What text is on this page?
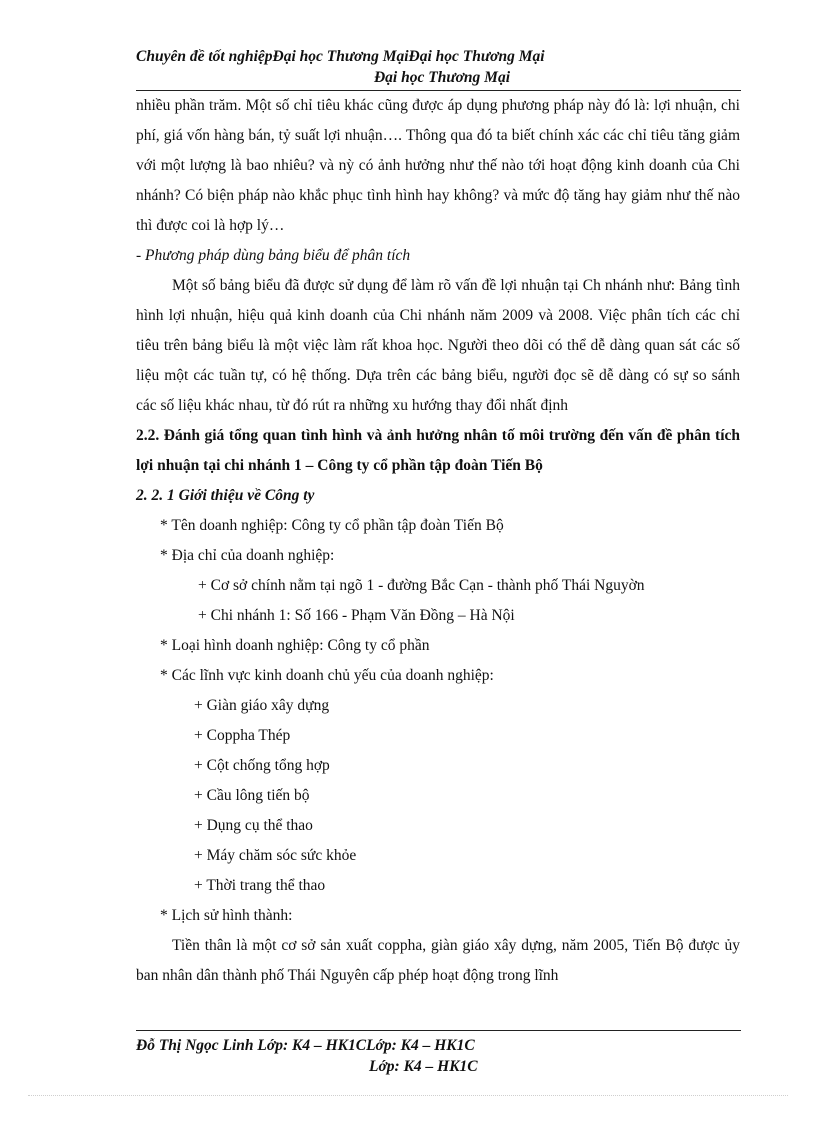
Chuyên đề tốt nghiệpĐại học Thương MạiĐại học Thương Mại
Đại học Thương Mại

nhiều phần trăm. Một số chỉ tiêu khác cũng được áp dụng phương pháp này đó là: lợi nhuận, chi phí, giá vốn hàng bán, tỷ suất lợi nhuận…. Thông qua đó ta biết chính xác các chỉ tiêu tăng giảm với một lượng là bao nhiêu? và nỳ có ảnh hưởng như thế nào tới hoạt động kinh doanh của Chi nhánh? Có biện pháp nào khắc phục tình hình hay không? và mức độ tăng hay giảm như thế nào thì được coi là hợp lý…

- Phương pháp dùng bảng biểu để phân tích

Một số bảng biểu đã được sử dụng để làm rõ vấn đề lợi nhuận tại Ch nhánh như: Bảng tình hình lợi nhuận, hiệu quả kinh doanh của Chi nhánh năm 2009 và 2008. Việc phân tích các chỉ tiêu trên bảng biểu là một việc làm rất khoa học. Người theo dõi có thể dễ dàng quan sát các số liệu một các tuần tự, có hệ thống. Dựa trên các bảng biểu, người đọc sẽ dễ dàng có sự so sánh các số liệu khác nhau, từ đó rút ra những xu hướng thay đổi nhất định

2.2. Đánh giá tổng quan tình hình và ảnh hưởng nhân tố môi trường đến vấn đề phân tích lợi nhuận tại chi nhánh 1 – Công ty cổ phần tập đoàn Tiến Bộ

2. 2. 1 Giới thiệu về Công ty

* Tên doanh nghiệp: Công ty cổ phần tập đoàn Tiến Bộ

* Địa chỉ của doanh nghiệp:

+ Cơ sở chính nằm tại ngõ 1 - đường Bắc Cạn - thành phố Thái Nguyờn

+ Chi nhánh 1: Số 166 - Phạm Văn Đồng – Hà Nội

* Loại hình doanh nghiệp: Công ty cổ phần

* Các lĩnh vực kinh doanh chủ yếu của doanh nghiệp:

+ Giàn giáo xây dựng

+ Coppha Thép

+ Cột chống tổng hợp

+ Cầu lông tiến bộ

+ Dụng cụ thể thao

+ Máy chăm sóc sức khỏe

+ Thời trang thể thao

* Lịch sử hình thành:

Tiền thân là một cơ sở sản xuất coppha, giàn giáo xây dựng, năm 2005, Tiến Bộ được ủy ban nhân dân thành phố Thái Nguyên cấp phép hoạt động trong lĩnh

Đỗ Thị Ngọc Linh Lớp: K4 – HK1CLớp: K4 – HK1C
Lớp: K4 – HK1C
